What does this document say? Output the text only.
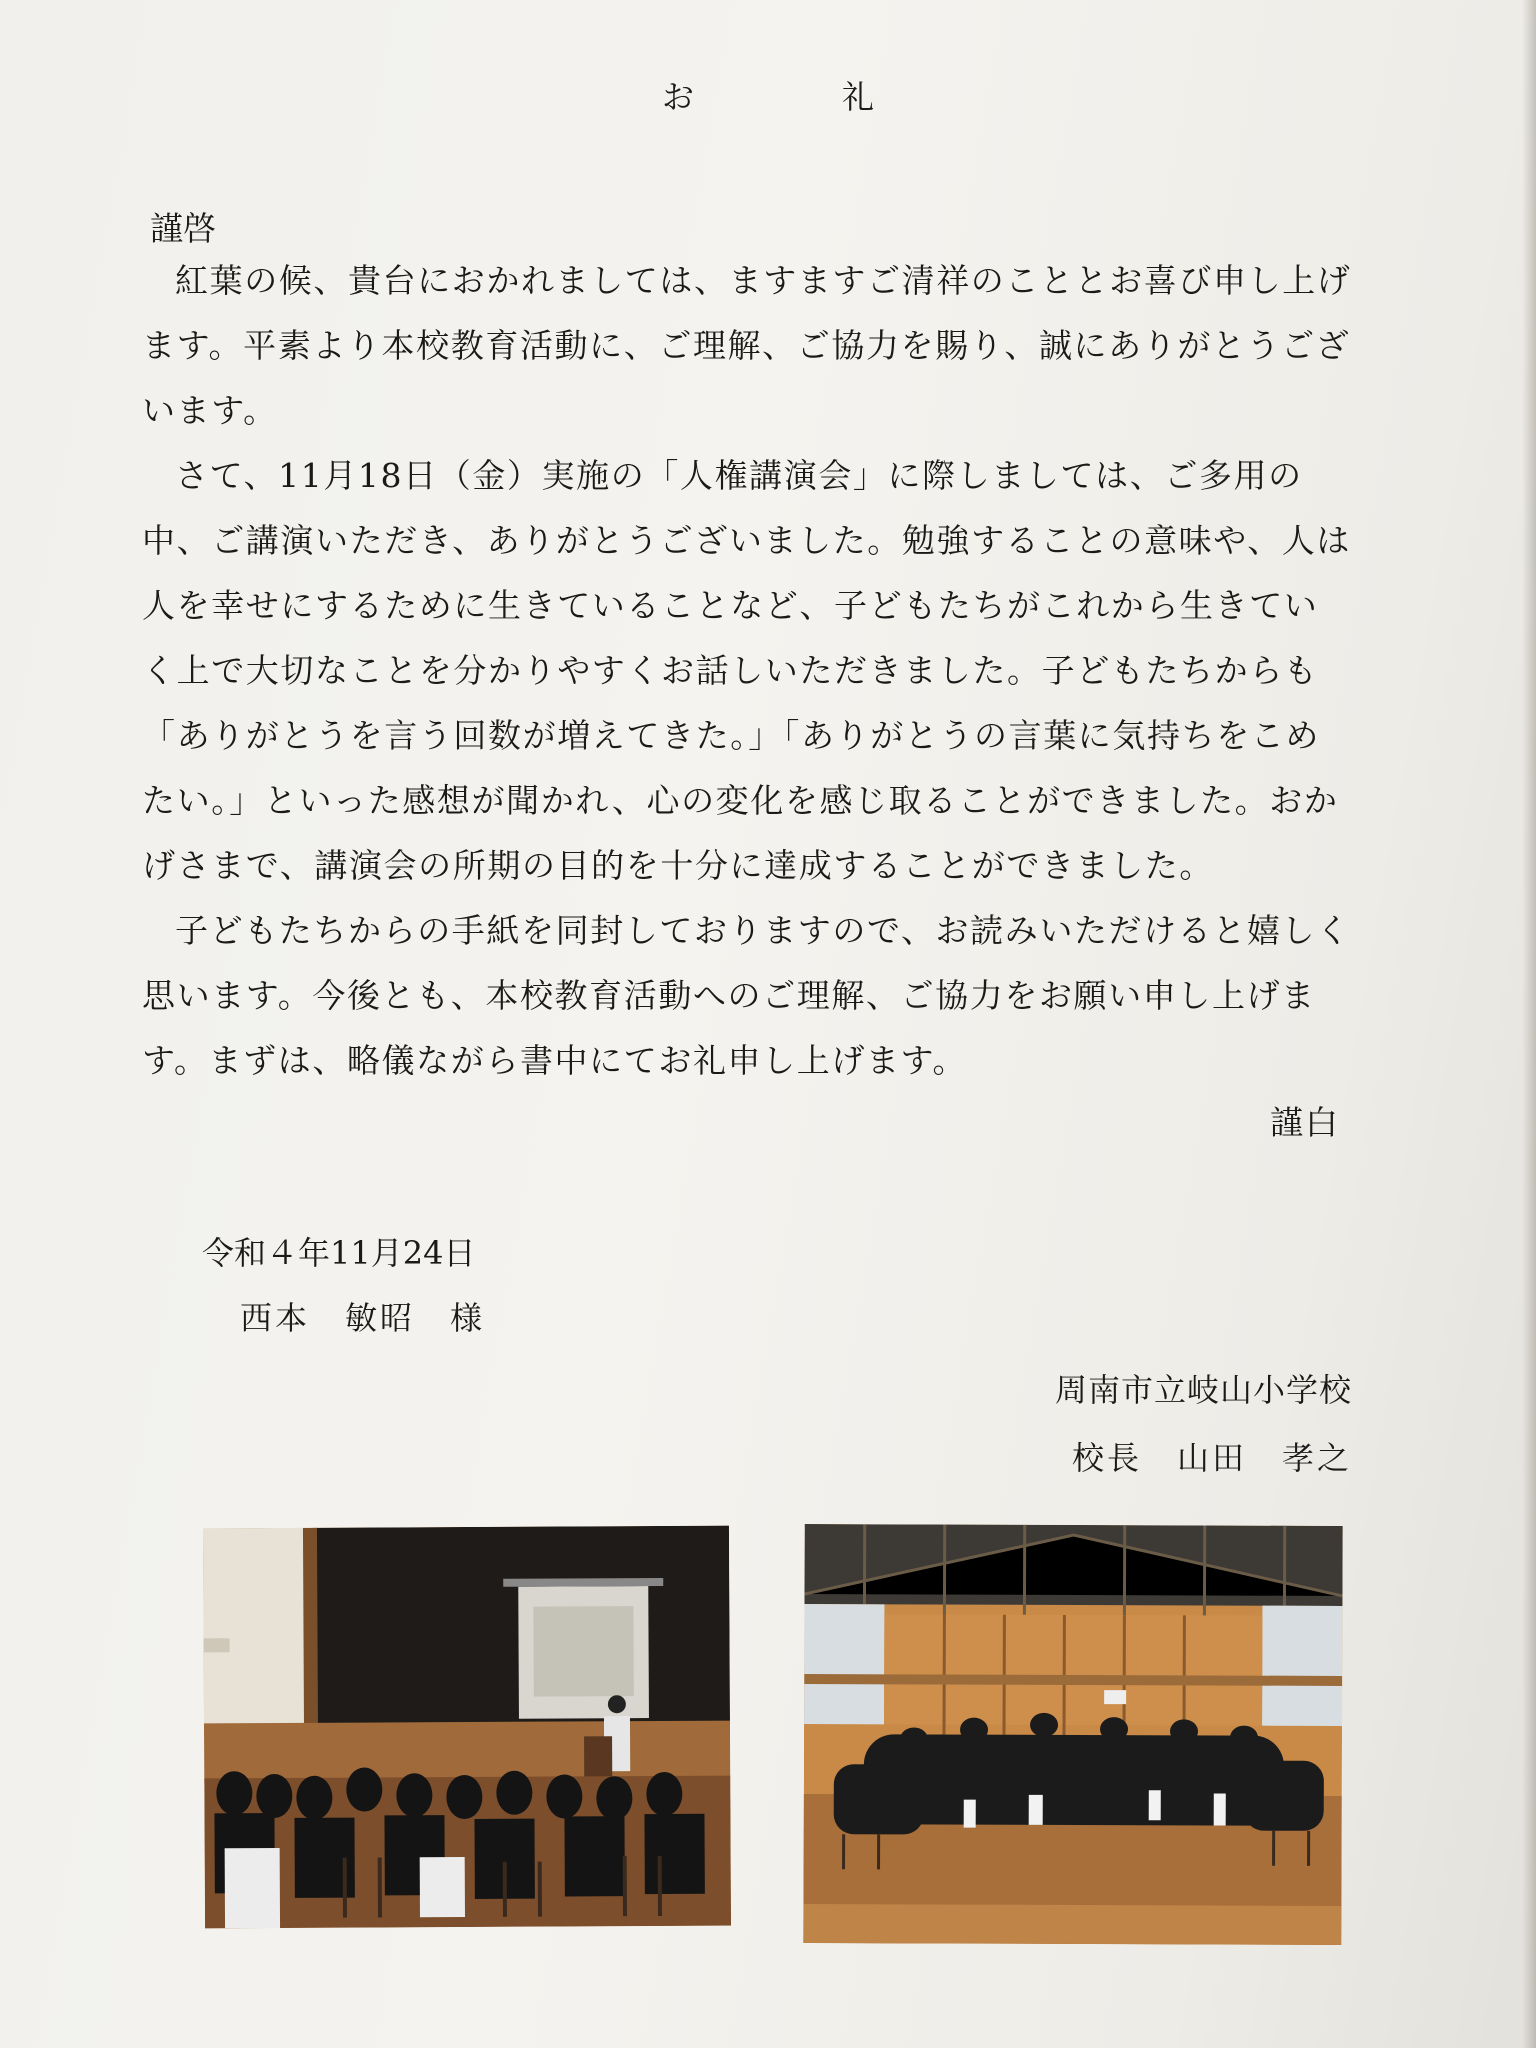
お　礼
謹啓

紅葉の候、貴台におかれましては、ますますご清祥のこととお喜び申し上げます。平素より本校教育活動に、ご理解、ご協力を賜り、誠にありがとうございます。

さて、11月18日（金）実施の「人権講演会」に際しましては、ご多用の中、ご講演いただき、ありがとうございました。勉強することの意味や、人は人を幸せにするために生きていることなど、子どもたちがこれから生きていく上で大切なことを分かりやすくお話しいただきました。子どもたちからも「ありがとうを言う回数が増えてきた。」「ありがとうの言葉に気持ちをこめたい。」といった感想が聞かれ、心の変化を感じ取ることができました。おかげさまで、講演会の所期の目的を十分に達成することができました。

子どもたちからの手紙を同封しておりますので、お読みいただけると嬉しく思います。今後とも、本校教育活動へのご理解、ご協力をお願い申し上げます。まずは、略儀ながら書中にてお礼申し上げます。

謹白
令和４年11月24日
西本　敏昭　様
周南市立岐山小学校
校長　山田　孝之
